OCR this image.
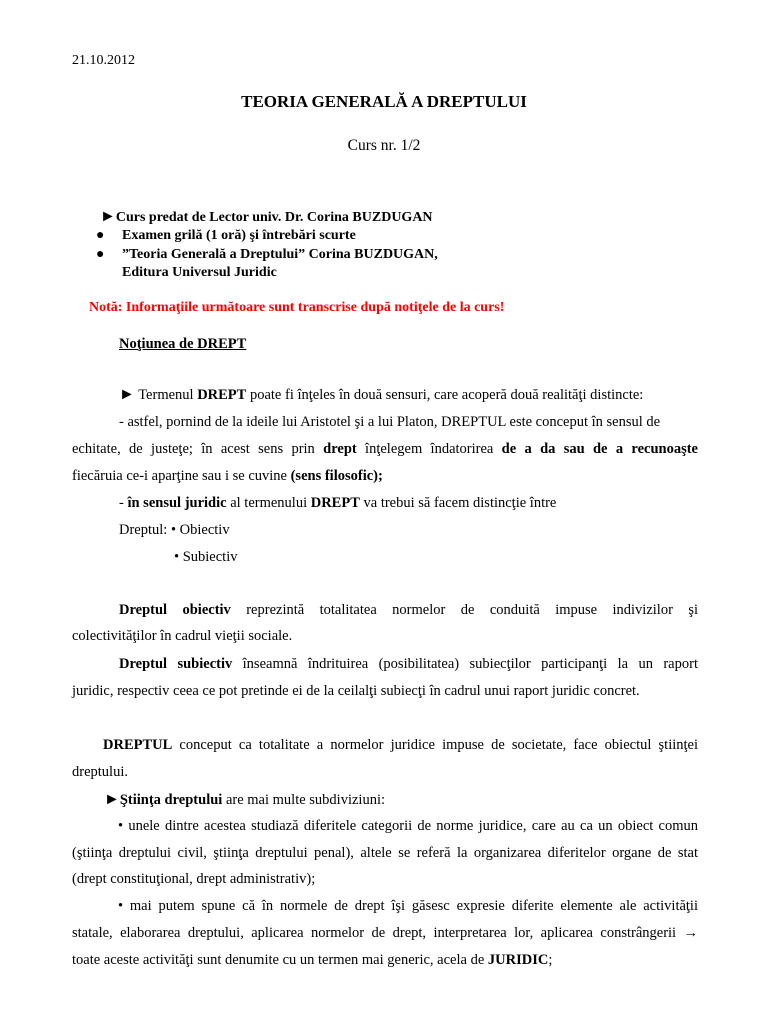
21.10.2012
TEORIA GENERALĂ A DREPTULUI
Curs nr. 1/2
►Curs predat de Lector univ. Dr. Corina BUZDUGAN
● Examen grilă (1 oră) şi întrebări scurte
● ”Teoria Generală a Dreptului” Corina BUZDUGAN,
Editura Universul Juridic
Notă: Informaţiile următoare sunt transcrise după notiţele de la curs!
Noţiunea de DREPT
► Termenul DREPT poate fi înţeles în două sensuri, care acoperă două realităţi distincte:
- astfel, pornind de la ideile lui Aristotel şi a lui Platon, DREPTUL este conceput în sensul de
echitate, de justeţe; în acest sens prin drept înţelegem îndatorirea de a da sau de a recunoaşte
fiecăruia ce-i aparţine sau i se cuvine (sens filosofic);
- în sensul juridic al termenului DREPT va trebui să facem distincţie între
Dreptul: • Obiectiv
• Subiectiv
Dreptul obiectiv reprezintă totalitatea normelor de conduită impuse indivizilor şi
colectivităţilor în cadrul vieţii sociale.
Dreptul subiectiv înseamnă îndrituirea (posibilitatea) subiecţilor participanţi la un raport
juridic, respectiv ceea ce pot pretinde ei de la ceilalţi subiecţi în cadrul unui raport juridic concret.
DREPTUL conceput ca totalitate a normelor juridice impuse de societate, face obiectul ştiinţei
dreptului.
►Ştiinţa dreptului are mai multe subdiviziuni:
• unele dintre acestea studiază diferitele categorii de norme juridice, care au ca un obiect comun
(ştiinţa dreptului civil, ştiinţa dreptului penal), altele se referă la organizarea diferitelor organe de stat
(drept constituţional, drept administrativ);
• mai putem spune că în normele de drept îşi găsesc expresie diferite elemente ale activităţii
statale, elaborarea dreptului, aplicarea normelor de drept, interpretarea lor, aplicarea constrângerii →
toate aceste activităţi sunt denumite cu un termen mai generic, acela de JURIDIC;
